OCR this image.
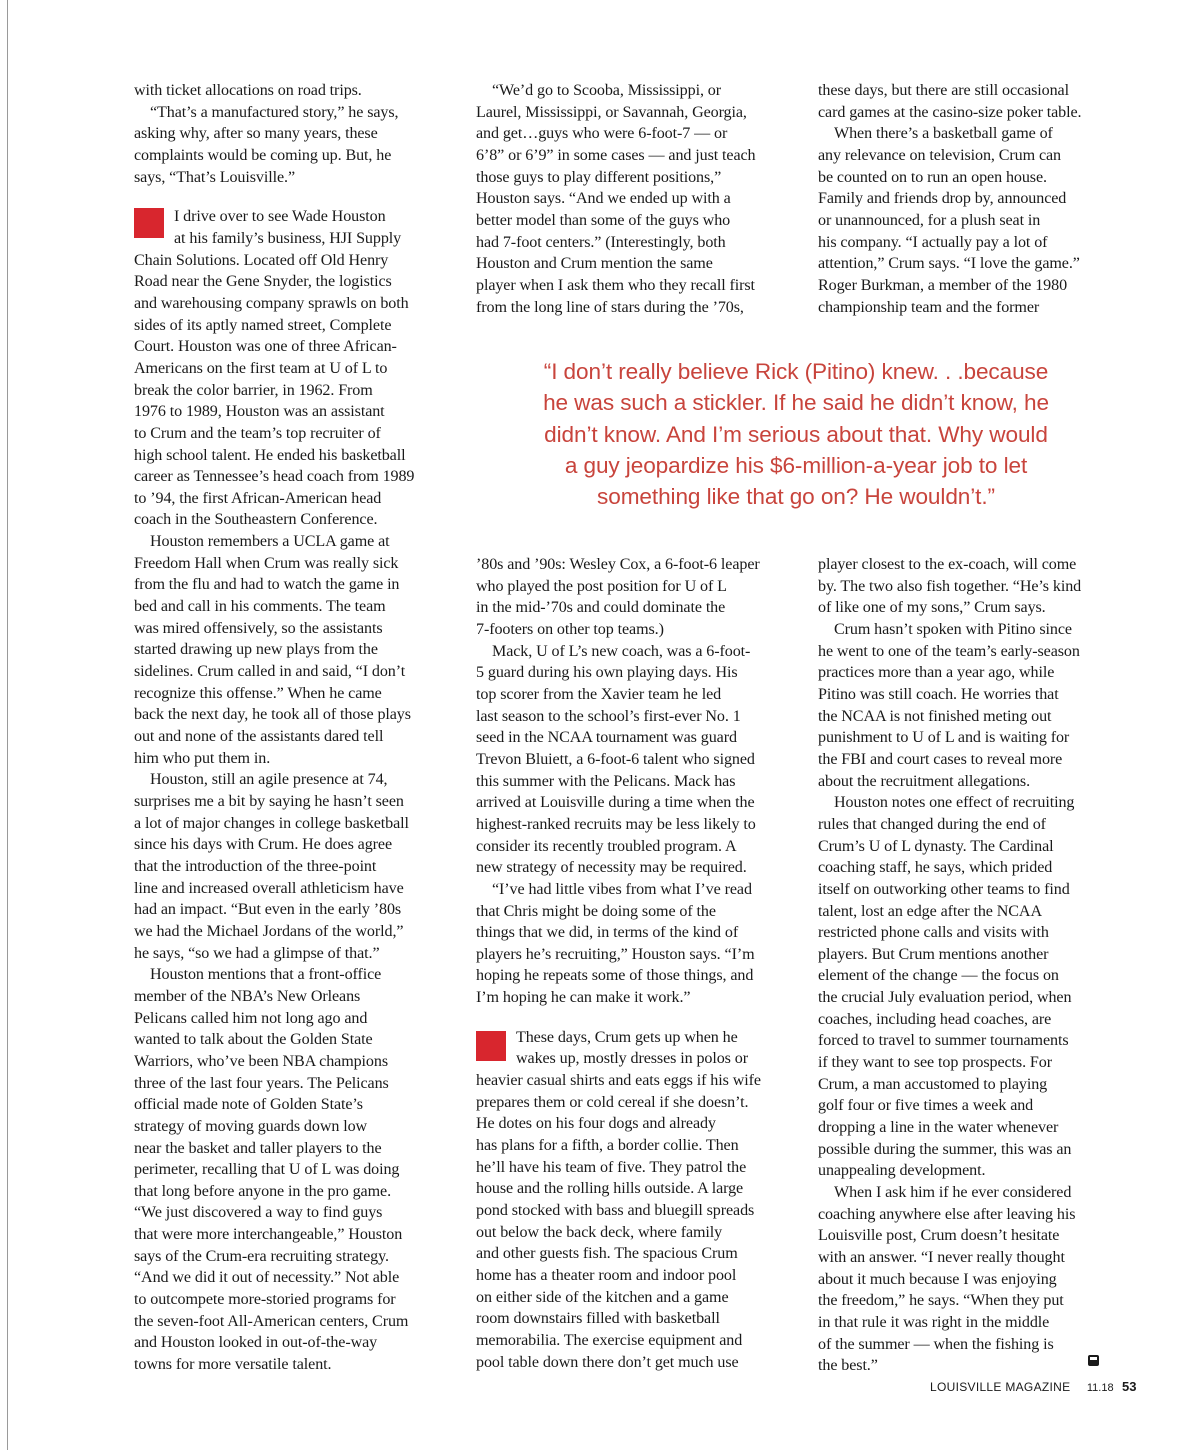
with ticket allocations on road trips.
“That’s a manufactured story,” he says,
asking why, after so many years, these
complaints would be coming up. But, he
says, “That’s Louisville.”
I drive over to see Wade Houston
at his family’s business, HJI Supply
Chain Solutions. Located off Old Henry
Road near the Gene Snyder, the logistics
and warehousing company sprawls on both
sides of its aptly named street, Complete
Court. Houston was one of three African-
Americans on the first team at U of L to
break the color barrier, in 1962. From
1976 to 1989, Houston was an assistant
to Crum and the team’s top recruiter of
high school talent. He ended his basketball
career as Tennessee’s head coach from 1989
to ’94, the first African-American head
coach in the Southeastern Conference.
Houston remembers a UCLA game at
Freedom Hall when Crum was really sick
from the flu and had to watch the game in
bed and call in his comments. The team
was mired offensively, so the assistants
started drawing up new plays from the
sidelines. Crum called in and said, “I don’t
recognize this offense.” When he came
back the next day, he took all of those plays
out and none of the assistants dared tell
him who put them in.
Houston, still an agile presence at 74,
surprises me a bit by saying he hasn’t seen
a lot of major changes in college basketball
since his days with Crum. He does agree
that the introduction of the three-point
line and increased overall athleticism have
had an impact. “But even in the early ’80s
we had the Michael Jordans of the world,”
he says, “so we had a glimpse of that.”
Houston mentions that a front-office
member of the NBA’s New Orleans
Pelicans called him not long ago and
wanted to talk about the Golden State
Warriors, who’ve been NBA champions
three of the last four years. The Pelicans
official made note of Golden State’s
strategy of moving guards down low
near the basket and taller players to the
perimeter, recalling that U of L was doing
that long before anyone in the pro game.
“We just discovered a way to find guys
that were more interchangeable,” Houston
says of the Crum-era recruiting strategy.
“And we did it out of necessity.” Not able
to outcompete more-storied programs for
the seven-foot All-American centers, Crum
and Houston looked in out-of-the-way
towns for more versatile talent.
“We’d go to Scooba, Mississippi, or
Laurel, Mississippi, or Savannah, Georgia,
and get…guys who were 6-foot-7 — or
6’8” or 6’9” in some cases — and just teach
those guys to play different positions,”
Houston says. “And we ended up with a
better model than some of the guys who
had 7-foot centers.” (Interestingly, both
Houston and Crum mention the same
player when I ask them who they recall first
from the long line of stars during the ’70s,
these days, but there are still occasional
card games at the casino-size poker table.
When there’s a basketball game of
any relevance on television, Crum can
be counted on to run an open house.
Family and friends drop by, announced
or unannounced, for a plush seat in
his company. “I actually pay a lot of
attention,” Crum says. “I love the game.”
Roger Burkman, a member of the 1980
championship team and the former
“I don’t really believe Rick (Pitino) knew. . .because
he was such a stickler. If he said he didn’t know, he
didn’t know. And I’m serious about that. Why would
a guy jeopardize his $6-million-a-year job to let
something like that go on? He wouldn’t.”
’80s and ’90s: Wesley Cox, a 6-foot-6 leaper
who played the post position for U of L
in the mid-’70s and could dominate the
7-footers on other top teams.)
Mack, U of L’s new coach, was a 6-foot-
5 guard during his own playing days. His
top scorer from the Xavier team he led
last season to the school’s first-ever No. 1
seed in the NCAA tournament was guard
Trevon Bluiett, a 6-foot-6 talent who signed
this summer with the Pelicans. Mack has
arrived at Louisville during a time when the
highest-ranked recruits may be less likely to
consider its recently troubled program. A
new strategy of necessity may be required.
“I’ve had little vibes from what I’ve read
that Chris might be doing some of the
things that we did, in terms of the kind of
players he’s recruiting,” Houston says. “I’m
hoping he repeats some of those things, and
I’m hoping he can make it work.”
These days, Crum gets up when he
wakes up, mostly dresses in polos or
heavier casual shirts and eats eggs if his wife
prepares them or cold cereal if she doesn’t.
He dotes on his four dogs and already
has plans for a fifth, a border collie. Then
he’ll have his team of five. They patrol the
house and the rolling hills outside. A large
pond stocked with bass and bluegill spreads
out below the back deck, where family
and other guests fish. The spacious Crum
home has a theater room and indoor pool
on either side of the kitchen and a game
room downstairs filled with basketball
memorabilia. The exercise equipment and
pool table down there don’t get much use
player closest to the ex-coach, will come
by. The two also fish together. “He’s kind
of like one of my sons,” Crum says.
Crum hasn’t spoken with Pitino since
he went to one of the team’s early-season
practices more than a year ago, while
Pitino was still coach. He worries that
the NCAA is not finished meting out
punishment to U of L and is waiting for
the FBI and court cases to reveal more
about the recruitment allegations.
Houston notes one effect of recruiting
rules that changed during the end of
Crum’s U of L dynasty. The Cardinal
coaching staff, he says, which prided
itself on outworking other teams to find
talent, lost an edge after the NCAA
restricted phone calls and visits with
players. But Crum mentions another
element of the change — the focus on
the crucial July evaluation period, when
coaches, including head coaches, are
forced to travel to summer tournaments
if they want to see top prospects. For
Crum, a man accustomed to playing
golf four or five times a week and
dropping a line in the water whenever
possible during the summer, this was an
unappealing development.
When I ask him if he ever considered
coaching anywhere else after leaving his
Louisville post, Crum doesn’t hesitate
with an answer. “I never really thought
about it much because I was enjoying
the freedom,” he says. “When they put
in that rule it was right in the middle
of the summer — when the fishing is
the best.”
LOUISVILLE MAGAZINE 11.18 53
